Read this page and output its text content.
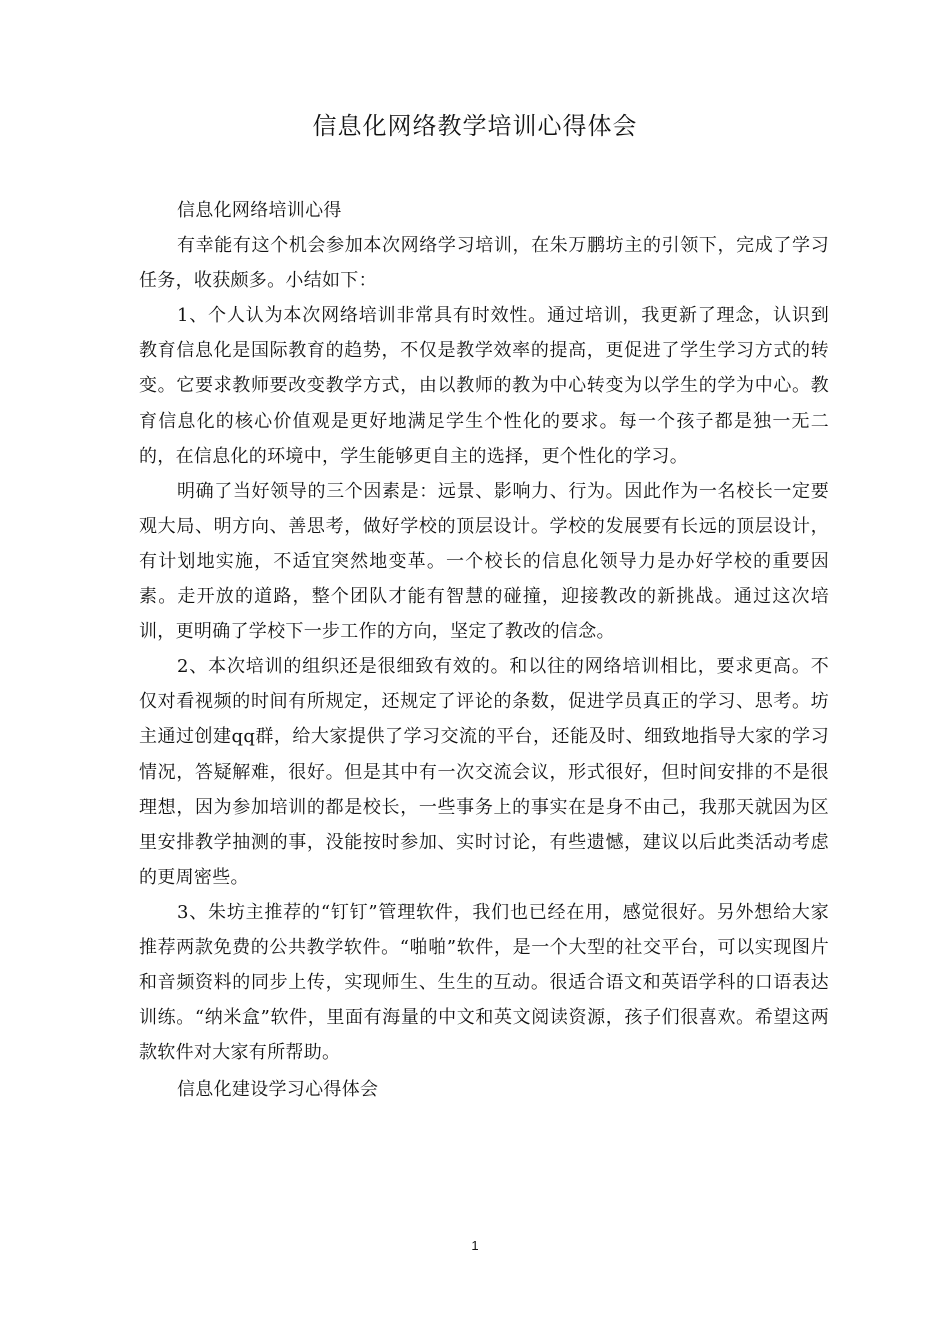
信息化网络教学培训心得体会

信息化网络培训心得

有幸能有这个机会参加本次网络学习培训，在朱万鹏坊主的引领下，完成了学习任务，收获颇多。小结如下：

1、个人认为本次网络培训非常具有时效性。通过培训，我更新了理念，认识到教育信息化是国际教育的趋势，不仅是教学效率的提高，更促进了学生学习方式的转变。它要求教师要改变教学方式，由以教师的教为中心转变为以学生的学为中心。教育信息化的核心价值观是更好地满足学生个性化的要求。每一个孩子都是独一无二的，在信息化的环境中，学生能够更自主的选择，更个性化的学习。

明确了当好领导的三个因素是：远景、影响力、行为。因此作为一名校长一定要观大局、明方向、善思考，做好学校的顶层设计。学校的发展要有长远的顶层设计，有计划地实施，不适宜突然地变革。一个校长的信息化领导力是办好学校的重要因素。走开放的道路，整个团队才能有智慧的碰撞，迎接教改的新挑战。通过这次培训，更明确了学校下一步工作的方向，坚定了教改的信念。

2、本次培训的组织还是很细致有效的。和以往的网络培训相比，要求更高。不仅对看视频的时间有所规定，还规定了评论的条数，促进学员真正的学习、思考。坊主通过创建qq群，给大家提供了学习交流的平台，还能及时、细致地指导大家的学习情况，答疑解难，很好。但是其中有一次交流会议，形式很好，但时间安排的不是很理想，因为参加培训的都是校长，一些事务上的事实在是身不由己，我那天就因为区里安排教学抽测的事，没能按时参加、实时讨论，有些遗憾，建议以后此类活动考虑的更周密些。

3、朱坊主推荐的“钉钉”管理软件，我们也已经在用，感觉很好。另外想给大家推荐两款免费的公共教学软件。“啪啪”软件，是一个大型的社交平台，可以实现图片和音频资料的同步上传，实现师生、生生的互动。很适合语文和英语学科的口语表达训练。“纳米盒”软件，里面有海量的中文和英文阅读资源，孩子们很喜欢。希望这两款软件对大家有所帮助。

信息化建设学习心得体会

1
